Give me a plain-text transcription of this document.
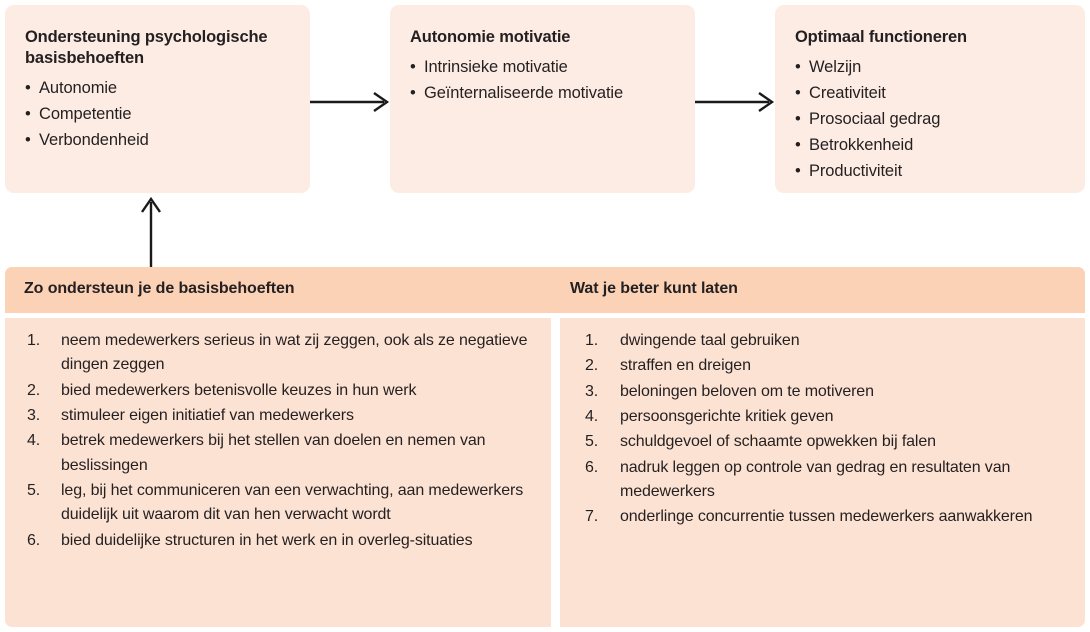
Ondersteuning psychologische basisbehoeften
• Autonomie
• Competentie
• Verbondenheid
Autonomie motivatie
• Intrinsieke motivatie
• Geïnternaliseerde motivatie
Optimaal functioneren
• Welzijn
• Creativiteit
• Prosociaal gedrag
• Betrokkenheid
• Productiviteit
Zo ondersteun je de basisbehoeften	Wat je beter kunt laten
1.	neem medewerkers serieus in wat zij zeggen, ook als ze negatieve dingen zeggen
2.	bied medewerkers betenisvolle keuzes in hun werk
3.	stimuleer eigen initiatief van medewerkers
4.	betrek medewerkers bij het stellen van doelen en nemen van beslissingen
5.	leg, bij het communiceren van een verwachting, aan medewerkers duidelijk uit waarom dit van hen verwacht wordt
6.	bied duidelijke structuren in het werk en in overleg-situaties
1.	dwingende taal gebruiken
2.	straffen en dreigen
3.	beloningen beloven om te motiveren
4.	persoonsgerichte kritiek geven
5.	schuldgevoel of schaamte opwekken bij falen
6.	nadruk leggen op controle van gedrag en resultaten van medewerkers
7.	onderlinge concurrentie tussen medewerkers aanwakkeren
